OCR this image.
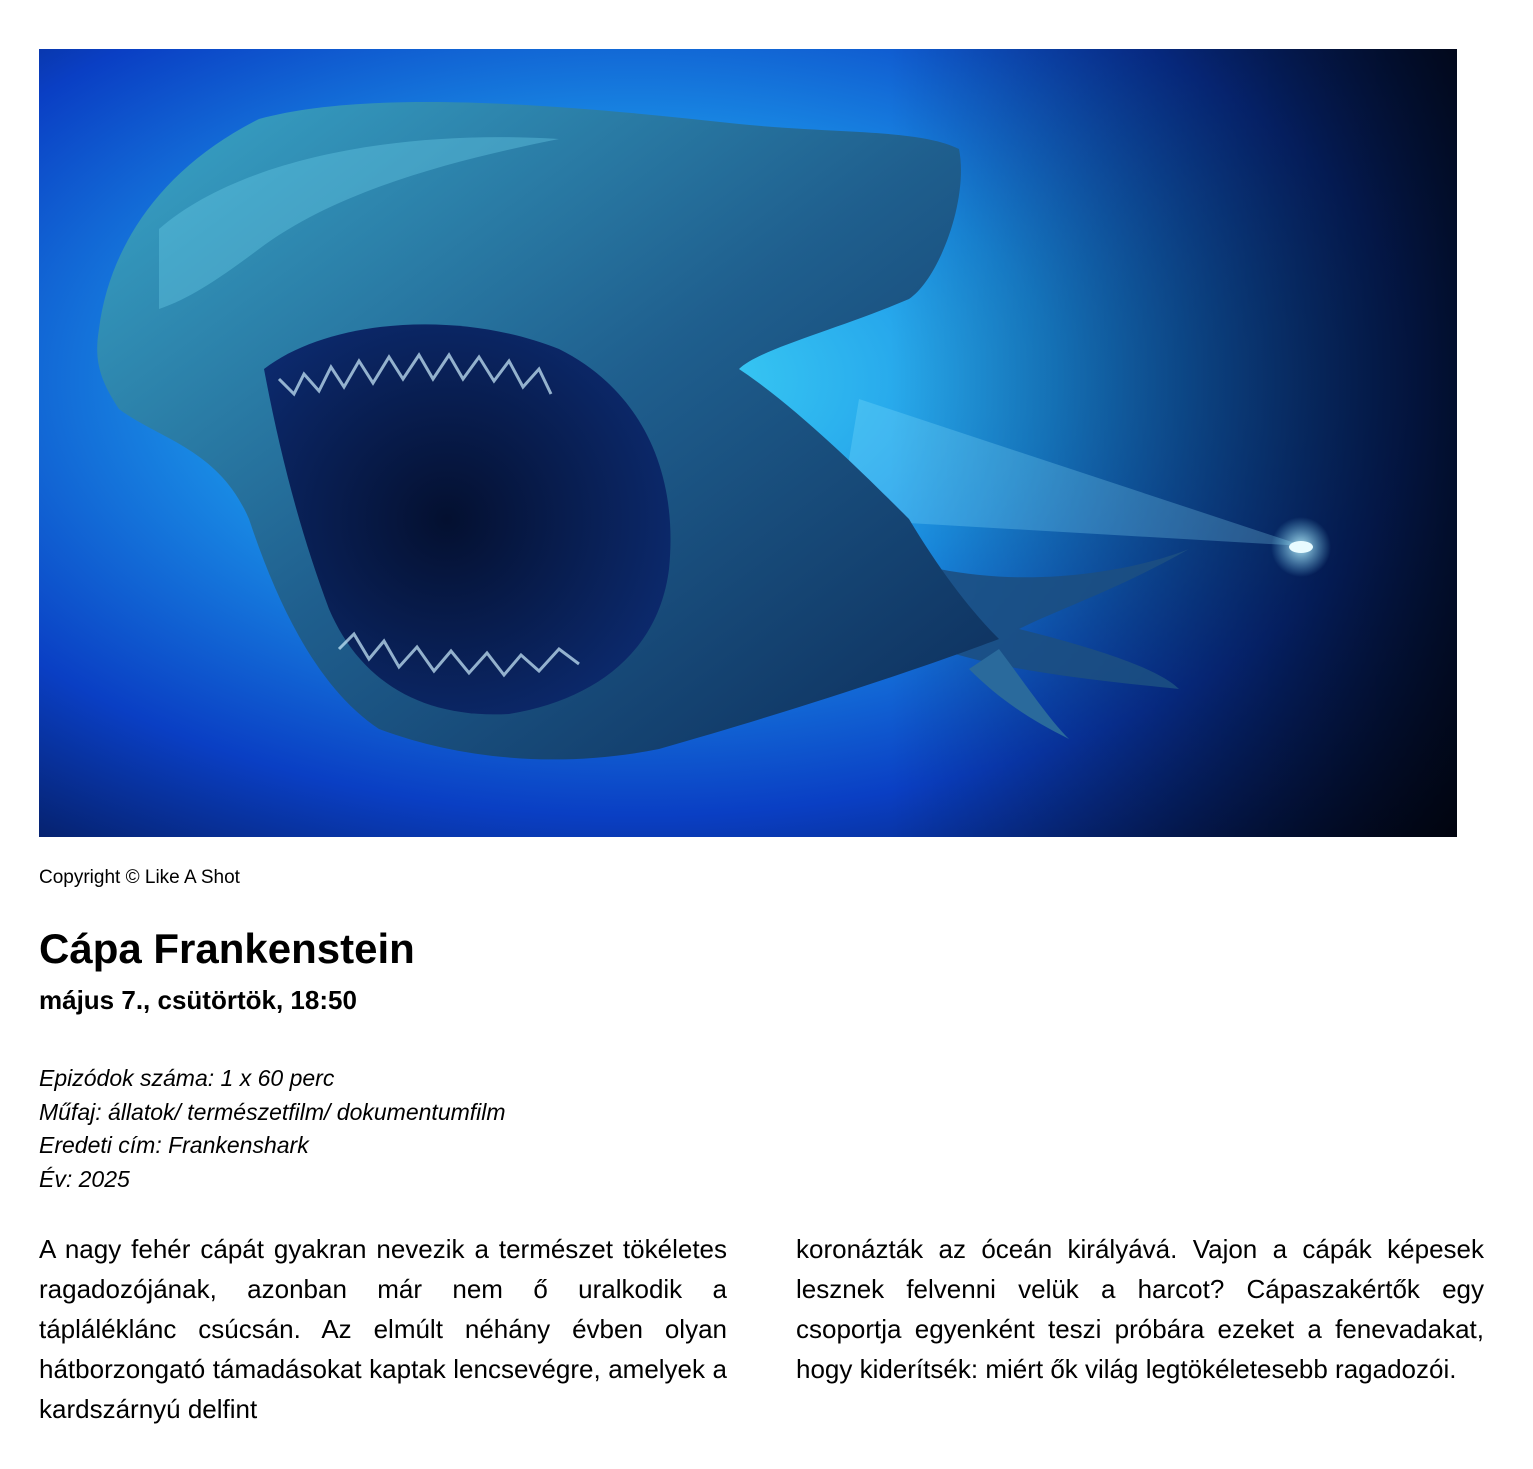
Copyright © Like A Shot
Cápa Frankenstein
május 7., csütörtök, 18:50
Epizódok száma: 1 x 60 perc
Műfaj: állatok/ természetfilm/ dokumentumfilm
Eredeti cím: Frankenshark
Év: 2025

A nagy fehér cápát gyakran nevezik a természet tökéletes ragadozójának, azonban már nem ő uralkodik a tápláléklánc csúcsán. Az elmúlt néhány évben olyan hátborzongató támadásokat kaptak lencsevégre, amelyek a kardszárnyú delfint

koronázták az óceán királyává. Vajon a cápák képesek lesznek felvenni velük a harcot? Cápaszakértők egy csoportja egyenként teszi próbára ezeket a fenevadakat, hogy kiderítsék: miért ők világ legtökéletesebb ragadozói.
